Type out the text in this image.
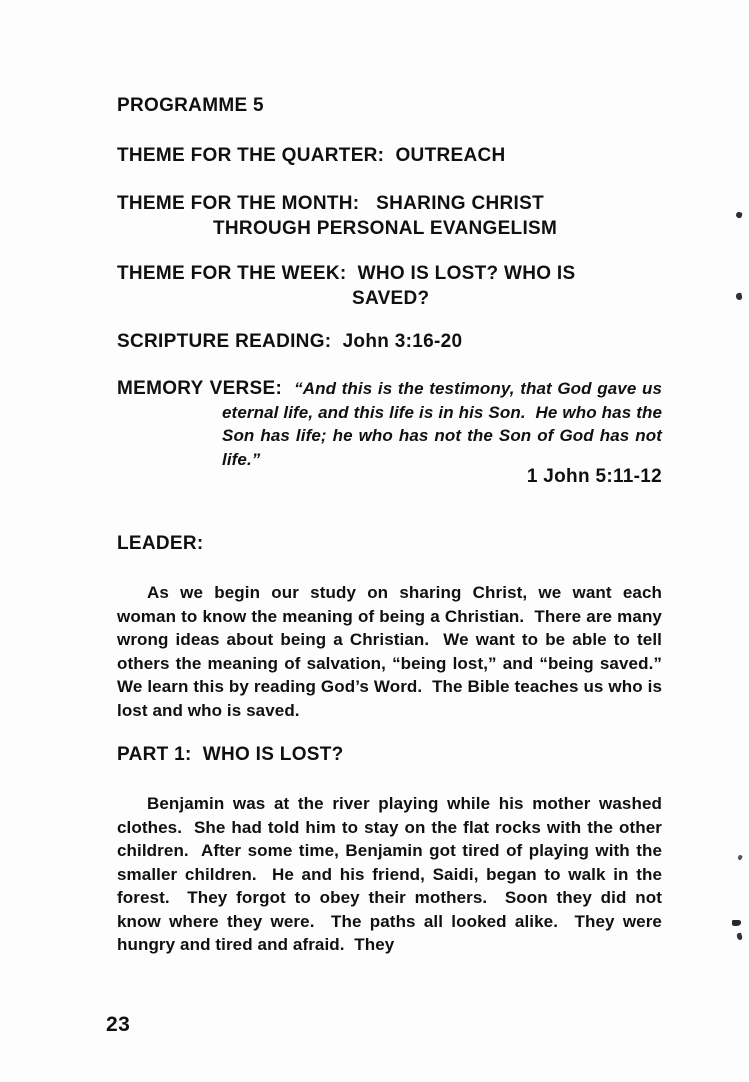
PROGRAMME 5
THEME FOR THE QUARTER:  OUTREACH
THEME FOR THE MONTH:   SHARING CHRIST
THROUGH PERSONAL EVANGELISM
THEME FOR THE WEEK:  WHO IS LOST? WHO IS
SAVED?
SCRIPTURE READING:  John 3:16-20
MEMORY VERSE: “And this is the testimony, that God gave us eternal life, and this life is in his Son.  He who has the Son has life; he who has not the Son of God has not life.”
1 John 5:11-12
LEADER:
As we begin our study on sharing Christ, we want each woman to know the meaning of being a Christian.  There are many wrong ideas about being a Christian.  We want to be able to tell others the meaning of salvation, “being lost,” and “being saved.”  We learn this by reading God’s Word.  The Bible teaches us who is lost and who is saved.
PART 1:  WHO IS LOST?
Benjamin was at the river playing while his mother washed clothes.  She had told him to stay on the flat rocks with the other children.  After some time, Benjamin got tired of playing with the smaller children.  He and his friend, Saidi, began to walk in the forest.  They forgot to obey their mothers.  Soon they did not know where they were.  The paths all looked alike.  They were hungry and tired and afraid.  They
23
